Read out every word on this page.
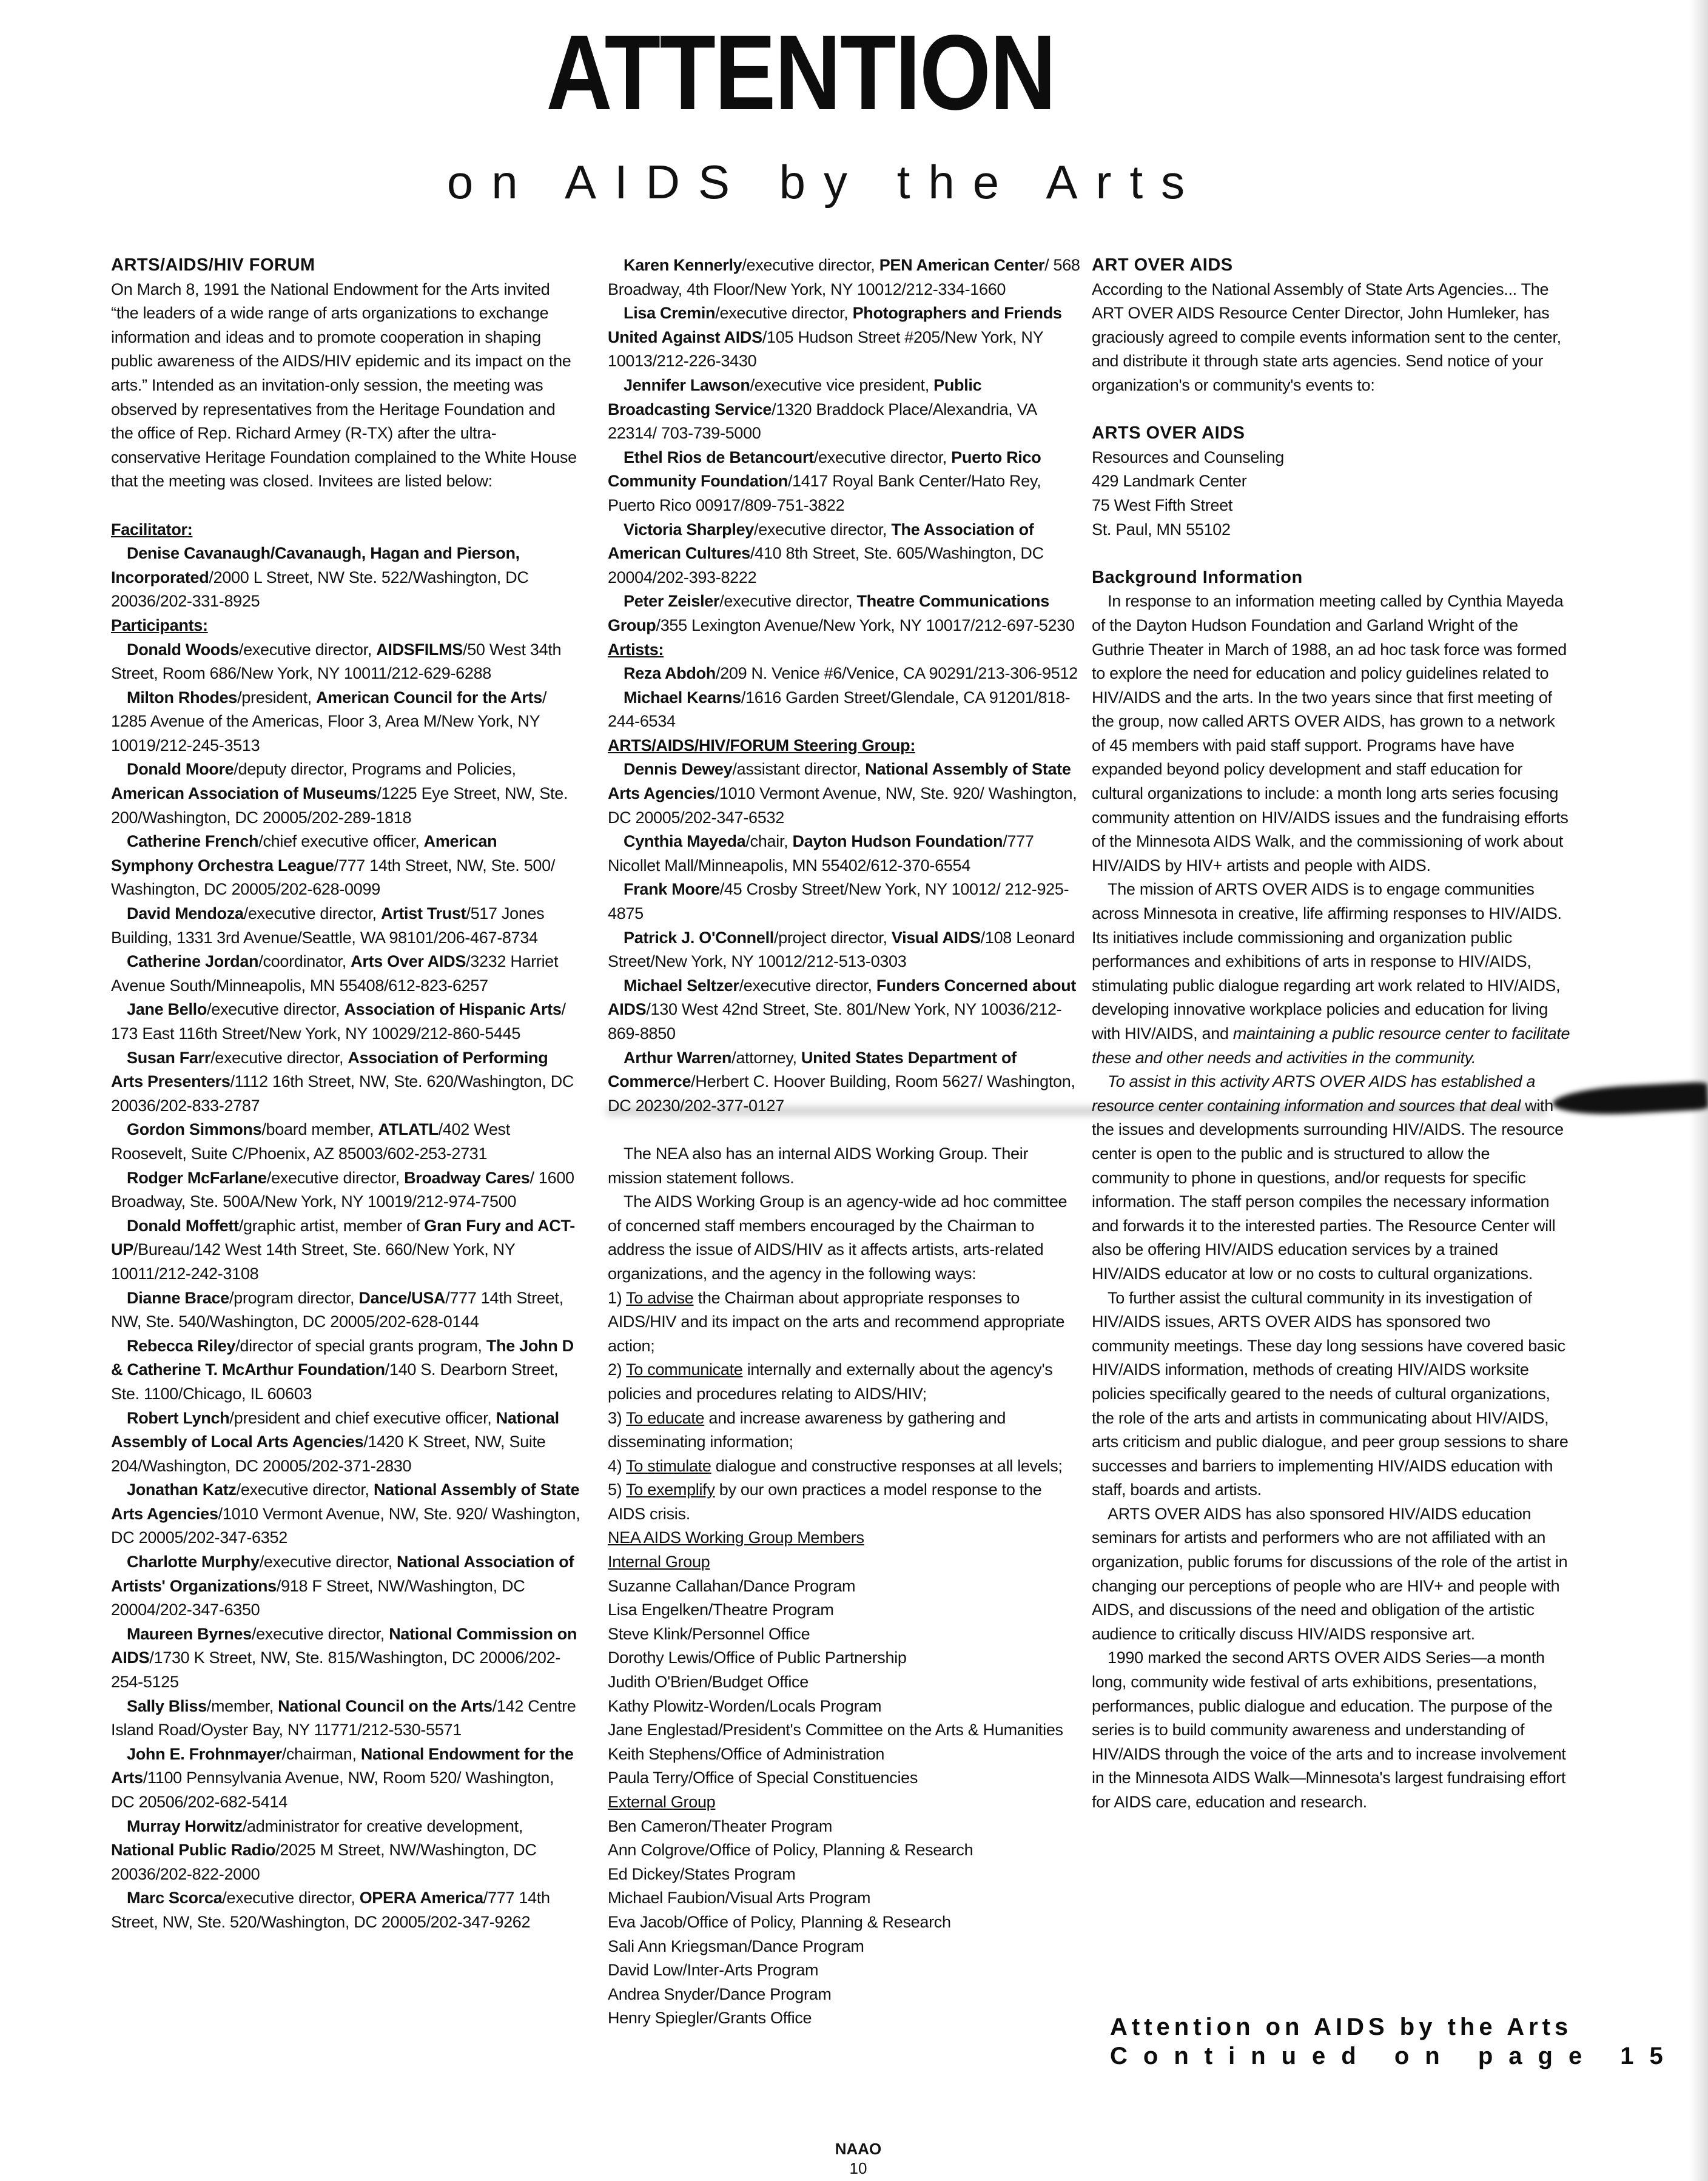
ATTENTION
on AIDS by the Arts
ARTS/AIDS/HIV FORUM
On March 8, 1991 the National Endowment for the Arts invited “the leaders of a wide range of arts organizations to exchange information and ideas and to promote cooperation in shaping public awareness of the AIDS/HIV epidemic and its impact on the arts.” Intended as an invitation-only session, the meeting was observed by representatives from the Heritage Foundation and the office of Rep. Richard Armey (R-TX) after the ultra-conservative Heritage Foundation complained to the White House that the meeting was closed. Invitees are listed below:
Facilitator:
Denise Cavanaugh/Cavanaugh, Hagan and Pierson, Incorporated/2000 L Street, NW Ste. 522/Washington, DC 20036/202-331-8925
Participants:
Donald Woods/executive director, AIDSFILMS/50 West 34th Street, Room 686/New York, NY 10011/212-629-6288
Milton Rhodes/president, American Council for the Arts/ 1285 Avenue of the Americas, Floor 3, Area M/New York, NY 10019/212-245-3513
Donald Moore/deputy director, Programs and Policies, American Association of Museums/1225 Eye Street, NW, Ste. 200/Washington, DC 20005/202-289-1818
Catherine French/chief executive officer, American Symphony Orchestra League/777 14th Street, NW, Ste. 500/ Washington, DC 20005/202-628-0099
David Mendoza/executive director, Artist Trust/517 Jones Building, 1331 3rd Avenue/Seattle, WA 98101/206-467-8734
Catherine Jordan/coordinator, Arts Over AIDS/3232 Harriet Avenue South/Minneapolis, MN 55408/612-823-6257
Jane Bello/executive director, Association of Hispanic Arts/ 173 East 116th Street/New York, NY 10029/212-860-5445
Susan Farr/executive director, Association of Performing Arts Presenters/1112 16th Street, NW, Ste. 620/Washington, DC 20036/202-833-2787
Gordon Simmons/board member, ATLATL/402 West Roosevelt, Suite C/Phoenix, AZ 85003/602-253-2731
Rodger McFarlane/executive director, Broadway Cares/ 1600 Broadway, Ste. 500A/New York, NY 10019/212-974-7500
Donald Moffett/graphic artist, member of Gran Fury and ACT-UP/Bureau/142 West 14th Street, Ste. 660/New York, NY 10011/212-242-3108
Dianne Brace/program director, Dance/USA/777 14th Street, NW, Ste. 540/Washington, DC 20005/202-628-0144
Rebecca Riley/director of special grants program, The John D & Catherine T. McArthur Foundation/140 S. Dearborn Street, Ste. 1100/Chicago, IL 60603
Robert Lynch/president and chief executive officer, National Assembly of Local Arts Agencies/1420 K Street, NW, Suite 204/Washington, DC 20005/202-371-2830
Jonathan Katz/executive director, National Assembly of State Arts Agencies/1010 Vermont Avenue, NW, Ste. 920/ Washington, DC 20005/202-347-6352
Charlotte Murphy/executive director, National Association of Artists' Organizations/918 F Street, NW/Washington, DC 20004/202-347-6350
Maureen Byrnes/executive director, National Commission on AIDS/1730 K Street, NW, Ste. 815/Washington, DC 20006/202-254-5125
Sally Bliss/member, National Council on the Arts/142 Centre Island Road/Oyster Bay, NY 11771/212-530-5571
John E. Frohnmayer/chairman, National Endowment for the Arts/1100 Pennsylvania Avenue, NW, Room 520/ Washington, DC 20506/202-682-5414
Murray Horwitz/administrator for creative development, National Public Radio/2025 M Street, NW/Washington, DC 20036/202-822-2000
Marc Scorca/executive director, OPERA America/777 14th Street, NW, Ste. 520/Washington, DC 20005/202-347-9262
Karen Kennerly/executive director, PEN American Center/ 568 Broadway, 4th Floor/New York, NY 10012/212-334-1660
Lisa Cremin/executive director, Photographers and Friends United Against AIDS/105 Hudson Street #205/New York, NY 10013/212-226-3430
Jennifer Lawson/executive vice president, Public Broadcasting Service/1320 Braddock Place/Alexandria, VA 22314/ 703-739-5000
Ethel Rios de Betancourt/executive director, Puerto Rico Community Foundation/1417 Royal Bank Center/Hato Rey, Puerto Rico 00917/809-751-3822
Victoria Sharpley/executive director, The Association of American Cultures/410 8th Street, Ste. 605/Washington, DC 20004/202-393-8222
Peter Zeisler/executive director, Theatre Communications Group/355 Lexington Avenue/New York, NY 10017/212-697-5230
Artists:
Reza Abdoh/209 N. Venice #6/Venice, CA 90291/213-306-9512
Michael Kearns/1616 Garden Street/Glendale, CA 91201/818-244-6534
ARTS/AIDS/HIV/FORUM Steering Group:
Dennis Dewey/assistant director, National Assembly of State Arts Agencies/1010 Vermont Avenue, NW, Ste. 920/ Washington, DC 20005/202-347-6532
Cynthia Mayeda/chair, Dayton Hudson Foundation/777 Nicollet Mall/Minneapolis, MN 55402/612-370-6554
Frank Moore/45 Crosby Street/New York, NY 10012/ 212-925-4875
Patrick J. O'Connell/project director, Visual AIDS/108 Leonard Street/New York, NY 10012/212-513-0303
Michael Seltzer/executive director, Funders Concerned about AIDS/130 West 42nd Street, Ste. 801/New York, NY 10036/212-869-8850
Arthur Warren/attorney, United States Department of Commerce/Herbert C. Hoover Building, Room 5627/ Washington, DC 20230/202-377-0127
The NEA also has an internal AIDS Working Group. Their mission statement follows.
The AIDS Working Group is an agency-wide ad hoc committee of concerned staff members encouraged by the Chairman to address the issue of AIDS/HIV as it affects artists, arts-related organizations, and the agency in the following ways:
1) To advise the Chairman about appropriate responses to AIDS/HIV and its impact on the arts and recommend appropriate action;
2) To communicate internally and externally about the agency's policies and procedures relating to AIDS/HIV;
3) To educate and increase awareness by gathering and disseminating information;
4) To stimulate dialogue and constructive responses at all levels;
5) To exemplify by our own practices a model response to the AIDS crisis.
NEA AIDS Working Group Members
Internal Group
Suzanne Callahan/Dance Program
Lisa Engelken/Theatre Program
Steve Klink/Personnel Office
Dorothy Lewis/Office of Public Partnership
Judith O'Brien/Budget Office
Kathy Plowitz-Worden/Locals Program
Jane Englestad/President's Committee on the Arts & Humanities
Keith Stephens/Office of Administration
Paula Terry/Office of Special Constituencies
External Group
Ben Cameron/Theater Program
Ann Colgrove/Office of Policy, Planning & Research
Ed Dickey/States Program
Michael Faubion/Visual Arts Program
Eva Jacob/Office of Policy, Planning & Research
Sali Ann Kriegsman/Dance Program
David Low/Inter-Arts Program
Andrea Snyder/Dance Program
Henry Spiegler/Grants Office
ART OVER AIDS
According to the National Assembly of State Arts Agencies... The ART OVER AIDS Resource Center Director, John Humleker, has graciously agreed to compile events information sent to the center, and distribute it through state arts agencies. Send notice of your organization's or community's events to:
ARTS OVER AIDS
Resources and Counseling
429 Landmark Center
75 West Fifth Street
St. Paul, MN 55102
Background Information
In response to an information meeting called by Cynthia Mayeda of the Dayton Hudson Foundation and Garland Wright of the Guthrie Theater in March of 1988, an ad hoc task force was formed to explore the need for education and policy guidelines related to HIV/AIDS and the arts. In the two years since that first meeting of the group, now called ARTS OVER AIDS, has grown to a network of 45 members with paid staff support. Programs have have expanded beyond policy development and staff education for cultural organizations to include: a month long arts series focusing community attention on HIV/AIDS issues and the fundraising efforts of the Minnesota AIDS Walk, and the commissioning of work about HIV/AIDS by HIV+ artists and people with AIDS.
The mission of ARTS OVER AIDS is to engage communities across Minnesota in creative, life affirming responses to HIV/AIDS. Its initiatives include commissioning and organization public performances and exhibitions of arts in response to HIV/AIDS, stimulating public dialogue regarding art work related to HIV/AIDS, developing innovative workplace policies and education for living with HIV/AIDS, and maintaining a public resource center to facilitate these and other needs and activities in the community.
To assist in this activity ARTS OVER AIDS has established a resource center containing information and sources that deal with the issues and developments surrounding HIV/AIDS. The resource center is open to the public and is structured to allow the community to phone in questions, and/or requests for specific information. The staff person compiles the necessary information and forwards it to the interested parties. The Resource Center will also be offering HIV/AIDS education services by a trained HIV/AIDS educator at low or no costs to cultural organizations.
To further assist the cultural community in its investigation of HIV/AIDS issues, ARTS OVER AIDS has sponsored two community meetings. These day long sessions have covered basic HIV/AIDS information, methods of creating HIV/AIDS worksite policies specifically geared to the needs of cultural organizations, the role of the arts and artists in communicating about HIV/AIDS, arts criticism and public dialogue, and peer group sessions to share successes and barriers to implementing HIV/AIDS education with staff, boards and artists.
ARTS OVER AIDS has also sponsored HIV/AIDS education seminars for artists and performers who are not affiliated with an organization, public forums for discussions of the role of the artist in changing our perceptions of people who are HIV+ and people with AIDS, and discussions of the need and obligation of the artistic audience to critically discuss HIV/AIDS responsive art.
1990 marked the second ARTS OVER AIDS Series—a month long, community wide festival of arts exhibitions, presentations, performances, public dialogue and education. The purpose of the series is to build community awareness and understanding of HIV/AIDS through the voice of the arts and to increase involvement in the Minnesota AIDS Walk—Minnesota's largest fundraising effort for AIDS care, education and research.
Attention on AIDS by the Arts
Continued on page 15
NAAO
10
